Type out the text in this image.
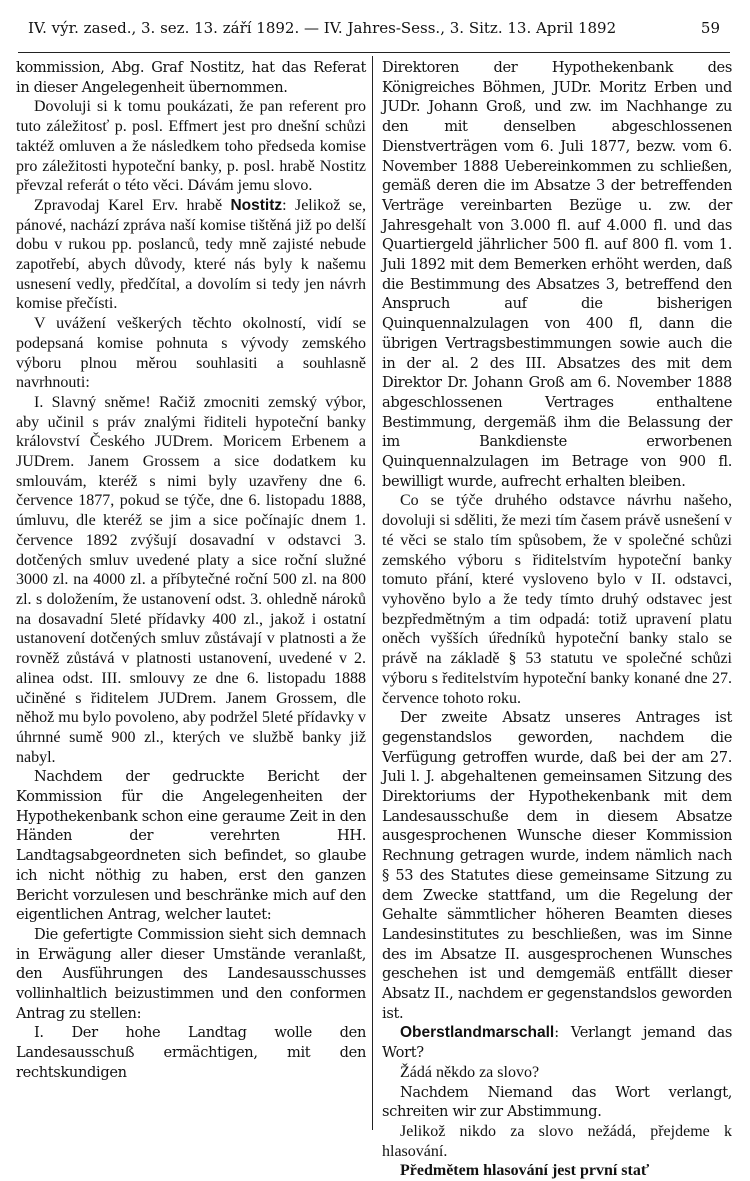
IV. výr. zased., 3. sez. 13. září 1892. — IV. Jahres-Sess., 3. Sitz. 13. April 1892	59

kommission, Abg. Graf Nostitz, hat das Referat in dieser Angelegenheit übernommen.

Dovoluji si k tomu poukázati, že pan referent pro tuto záležitosť p. posl. Effmert jest pro dnešní schůzi taktéž omluven a že následkem toho předseda komise pro záležitosti hypoteční banky, p. posl. hrabě Nostitz převzal referát o této věci. Dávám jemu slovo.

Zpravodaj Karel Erv. hrabě Nostitz: Jelikož se, pánové, nachází zpráva naší komise tištěná již po delší dobu v rukou pp. poslanců, tedy mně zajisté nebude zapotřebí, abych důvody, které nás byly k našemu usnesení vedly, předčítal, a dovolím si tedy jen návrh komise přečísti.

V uvážení veškerých těchto okolností, vidí se podepsaná komise pohnuta s vývody zemského výboru plnou měrou souhlasiti a souhlasně navrhnouti:

I. Slavný sněme! Račiž zmocniti zemský výbor, aby učinil s práv znalými řiditeli hypoteční banky království Českého JUDrem. Moricem Erbenem a JUDrem. Janem Grossem a sice dodatkem ku smlouvám, kteréž s nimi byly uzavřeny dne 6. července 1877, pokud se týče, dne 6. listopadu 1888, úmluvu, dle kteréž se jim a sice počínajíc dnem 1. července 1892 zvýšují dosavadní v odstavci 3. dotčených smluv uvedené platy a sice roční služné 3000 zl. na 4000 zl. a příbytečné roční 500 zl. na 800 zl. s doložením, že ustanovení odst. 3. ohledně nároků na dosavadní 5leté přídavky 400 zl., jakož i ostatní ustanovení dotčených smluv zůstávají v platnosti a že rovněž zůstává v platnosti ustanovení, uvedené v 2. alinea odst. III. smlouvy ze dne 6. listopadu 1888 učiněné s řiditelem JUDrem. Janem Grossem, dle něhož mu bylo povoleno, aby podržel 5leté přídavky v úhrnné sumě 900 zl., kterých ve službě banky již nabyl.

Nachdem der gedruckte Bericht der Kommission für die Angelegenheiten der Hypothekenbank schon eine geraume Zeit in den Händen der verehrten HH. Landtagsabgeordneten sich befindet, so glaube ich nicht nöthig zu haben, erst den ganzen Bericht vorzulesen und beschränke mich auf den eigentlichen Antrag, welcher lautet:

Die gefertigte Commission sieht sich demnach in Erwägung aller dieser Umstände veranlaßt, den Ausführungen des Landesausschusses vollinhaltlich beizustimmen und den conformen Antrag zu stellen:

I. Der hohe Landtag wolle den Landesausschuß ermächtigen, mit den rechtskundigen

Direktoren der Hypothekenbank des Königreiches Böhmen, JUDr. Moritz Erben und JUDr. Johann Groß, und zw. im Nachhange zu den mit denselben abgeschlossenen Dienstverträgen vom 6. Juli 1877, bezw. vom 6. November 1888 Uebereinkommen zu schließen, gemäß deren die im Absatze 3 der betreffenden Verträge vereinbarten Bezüge u. zw. der Jahresgehalt von 3.000 fl. auf 4.000 fl. und das Quartiergeld jährlicher 500 fl. auf 800 fl. vom 1. Juli 1892 mit dem Bemerken erhöht werden, daß die Bestimmung des Absatzes 3, betreffend den Anspruch auf die bisherigen Quinquennalzulagen von 400 fl, dann die übrigen Vertragsbestimmungen sowie auch die in der al. 2 des III. Absatzes des mit dem Direktor Dr. Johann Groß am 6. November 1888 abgeschlossenen Vertrages enthaltene Bestimmung, dergemäß ihm die Belassung der im Bankdienste erworbenen Quinquennalzulagen im Betrage von 900 fl. bewilligt wurde, aufrecht erhalten bleiben.

Co se týče druhého odstavce návrhu našeho, dovoluji si sděliti, že mezi tím časem právě usnešení v té věci se stalo tím spůsobem, že v společné schůzi zemského výboru s řiditelstvím hypoteční banky tomuto přání, které vysloveno bylo v II. odstavci, vyhověno bylo a že tedy tímto druhý odstavec jest bezpředmětným a tim odpadá: totiž upravení platu oněch vyšších úředníků hypoteční banky stalo se právě na základě § 53 statutu ve společné schůzi výboru s ředitelstvím hypoteční banky konané dne 27. července tohoto roku.

Der zweite Absatz unseres Antrages ist gegenstandslos geworden, nachdem die Verfügung getroffen wurde, daß bei der am 27. Juli l. J. abgehaltenen gemeinsamen Sitzung des Direktoriums der Hypothekenbank mit dem Landesausschuße dem in diesem Absatze ausgesprochenen Wunsche dieser Kommission Rechnung getragen wurde, indem nämlich nach § 53 des Statutes diese gemeinsame Sitzung zu dem Zwecke stattfand, um die Regelung der Gehalte sämmtlicher höheren Beamten dieses Landesinstitutes zu beschließen, was im Sinne des im Absatze II. ausgesprochenen Wunsches geschehen ist und demgemäß entfällt dieser Absatz II., nachdem er gegenstandslos geworden ist.

Oberstlandmarschall: Verlangt jemand das Wort?

Žádá někdo za slovo?

Nachdem Niemand das Wort verlangt, schreiten wir zur Abstimmung.

Jelikož nikdo za slovo nežádá, přejdeme k hlasování.

Předmětem hlasování jest první stať
